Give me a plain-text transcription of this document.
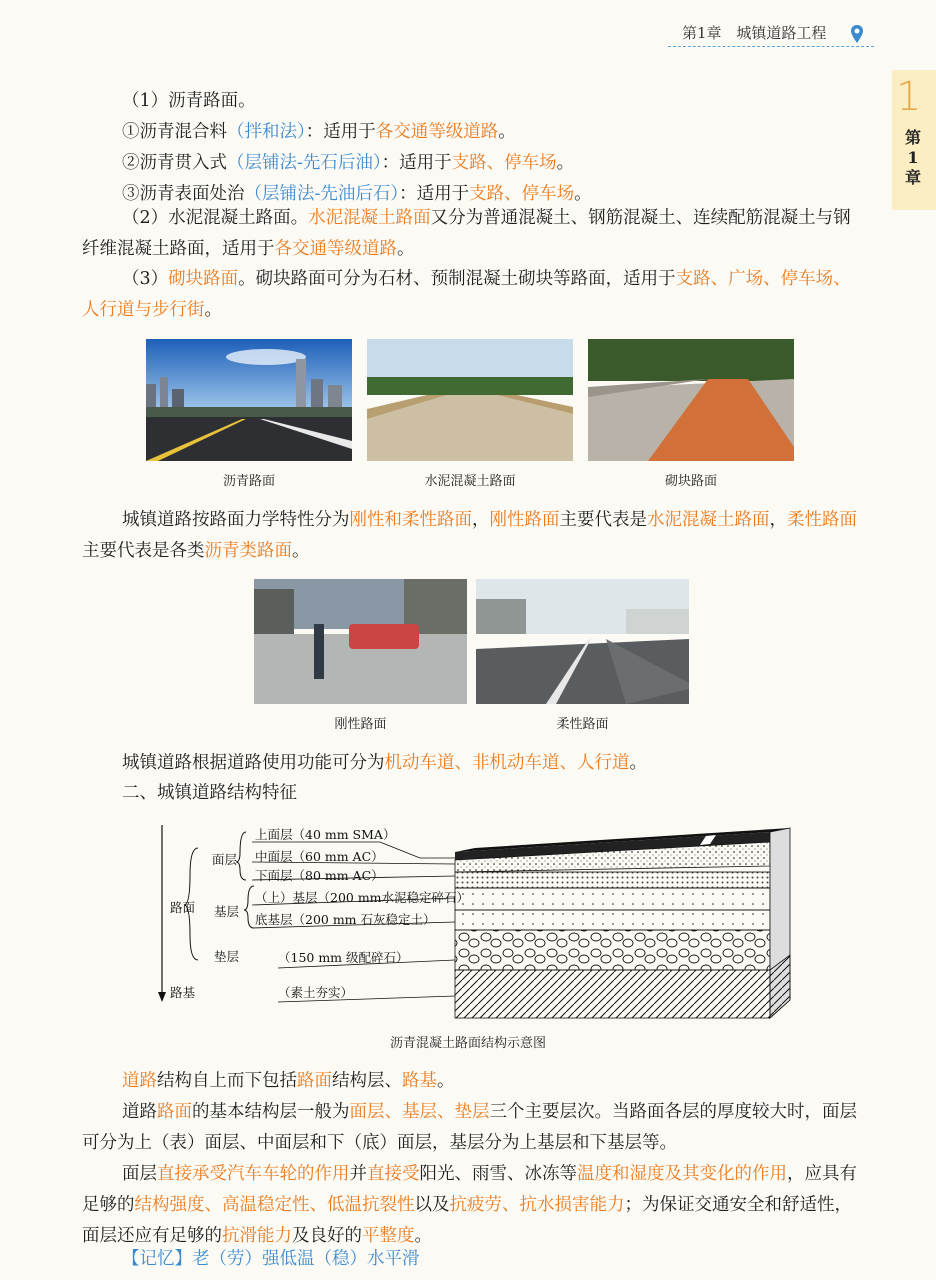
第1章 城镇道路工程
1
第1章

（1）沥青路面。

①沥青混合料（拌和法）：适用于各交通等级道路。

②沥青贯入式（层铺法-先石后油）：适用于支路、停车场。

③沥青表面处治（层铺法-先油后石）：适用于支路、停车场。

（2）水泥混凝土路面。水泥混凝土路面又分为普通混凝土、钢筋混凝土、连续配筋混凝土与钢纤维混凝土路面，适用于各交通等级道路。

（3）砌块路面。砌块路面可分为石材、预制混凝土砌块等路面，适用于支路、广场、停车场、人行道与步行街。

沥青路面	水泥混凝土路面	砌块路面

城镇道路按路面力学特性分为刚性和柔性路面，刚性路面主要代表是水泥混凝土路面，柔性路面主要代表是各类沥青类路面。

刚性路面	柔性路面

城镇道路根据道路使用功能可分为机动车道、非机动车道、人行道。

二、城镇道路结构特征

上面层（40 mm SMA）
面层 中面层（60 mm AC）
下面层（80 mm AC）
（上）基层（200 mm水泥稳定碎石）
路面 基层
底基层（200 mm 石灰稳定土）
垫层	（150 mm 级配碎石）
路基	（素土夯实）
沥青混凝土路面结构示意图

道路结构自上而下包括路面结构层、路基。

道路路面的基本结构层一般为面层、基层、垫层三个主要层次。当路面各层的厚度较大时，面层可分为上（表）面层、中面层和下（底）面层，基层分为上基层和下基层等。

面层直接承受汽车车轮的作用并直接受阳光、雨雪、冰冻等温度和湿度及其变化的作用，应具有足够的结构强度、高温稳定性、低温抗裂性以及抗疲劳、抗水损害能力；为保证交通安全和舒适性，面层还应有足够的抗滑能力及良好的平整度。

【记忆】老（劳）强低温（稳）水平滑
